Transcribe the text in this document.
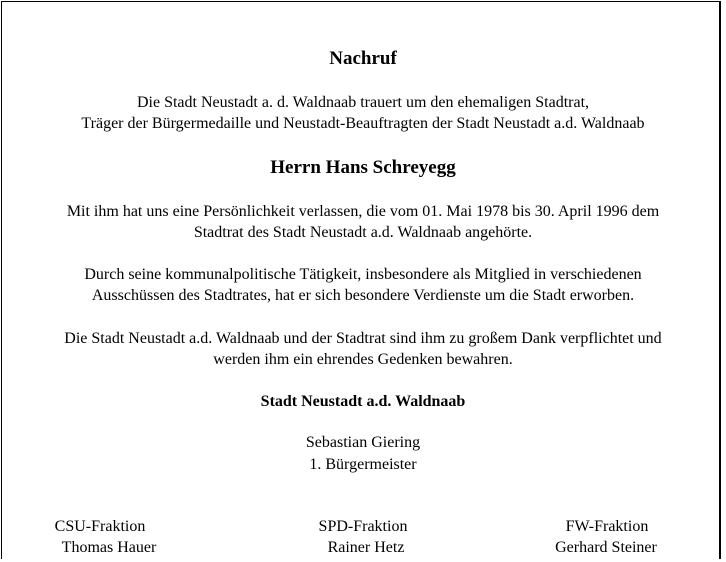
Nachruf
Die Stadt Neustadt a. d. Waldnaab trauert um den ehemaligen Stadtrat,
Träger der Bürgermedaille und Neustadt-Beauftragten der Stadt Neustadt a.d. Waldnaab
Herrn Hans Schreyegg
Mit ihm hat uns eine Persönlichkeit verlassen, die vom 01. Mai 1978 bis 30. April 1996 dem
Stadtrat des Stadt Neustadt a.d. Waldnaab angehörte.
Durch seine kommunalpolitische Tätigkeit, insbesondere als Mitglied in verschiedenen
Ausschüssen des Stadtrates, hat er sich besondere Verdienste um die Stadt erworben.
Die Stadt Neustadt a.d. Waldnaab und der Stadtrat sind ihm zu großem Dank verpflichtet und
werden ihm ein ehrendes Gedenken bewahren.
Stadt Neustadt a.d. Waldnaab
Sebastian Giering
1. Bürgermeister
CSU-Fraktion
Thomas Hauer
SPD-Fraktion
Rainer Hetz
FW-Fraktion
Gerhard Steiner
